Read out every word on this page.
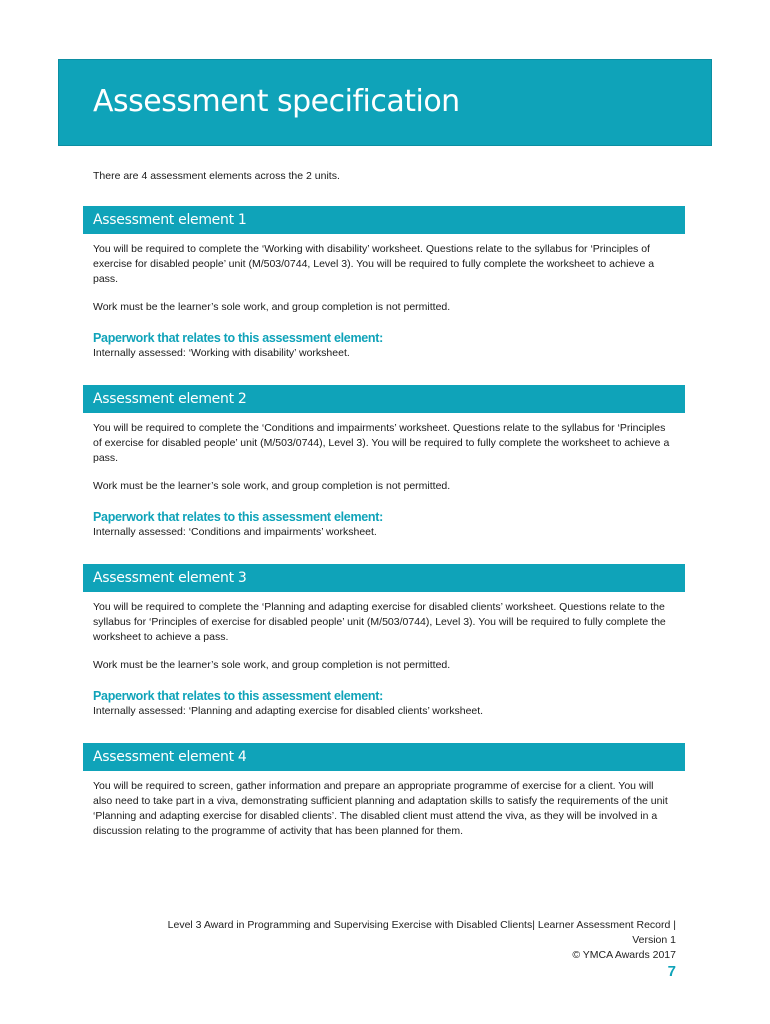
Assessment specification
There are 4 assessment elements across the 2 units.
Assessment element 1

You will be required to complete the ‘Working with disability’ worksheet. Questions relate to the syllabus for ‘Principles of exercise for disabled people’ unit (M/503/0744, Level 3). You will be required to fully complete the worksheet to achieve a pass.

Work must be the learner’s sole work, and group completion is not permitted.

Paperwork that relates to this assessment element:

Internally assessed: ‘Working with disability’ worksheet.

Assessment element 2

You will be required to complete the ‘Conditions and impairments’ worksheet. Questions relate to the syllabus for ‘Principles of exercise for disabled people’ unit (M/503/0744), Level 3). You will be required to fully complete the worksheet to achieve a pass.

Work must be the learner’s sole work, and group completion is not permitted.

Paperwork that relates to this assessment element:

Internally assessed: ‘Conditions and impairments’ worksheet.

Assessment element 3

You will be required to complete the ‘Planning and adapting exercise for disabled clients’ worksheet. Questions relate to the syllabus for ‘Principles of exercise for disabled people’ unit (M/503/0744), Level 3). You will be required to fully complete the worksheet to achieve a pass.

Work must be the learner’s sole work, and group completion is not permitted.

Paperwork that relates to this assessment element:

Internally assessed: ‘Planning and adapting exercise for disabled clients’ worksheet.

Assessment element 4

You will be required to screen, gather information and prepare an appropriate programme of exercise for a client. You will also need to take part in a viva, demonstrating sufficient planning and adaptation skills to satisfy the requirements of the unit ‘Planning and adapting exercise for disabled clients’. The disabled client must attend the viva, as they will be involved in a discussion relating to the programme of activity that has been planned for them.

Level 3 Award in Programming and Supervising Exercise with Disabled Clients| Learner Assessment Record |
Version 1
© YMCA Awards 2017
7
